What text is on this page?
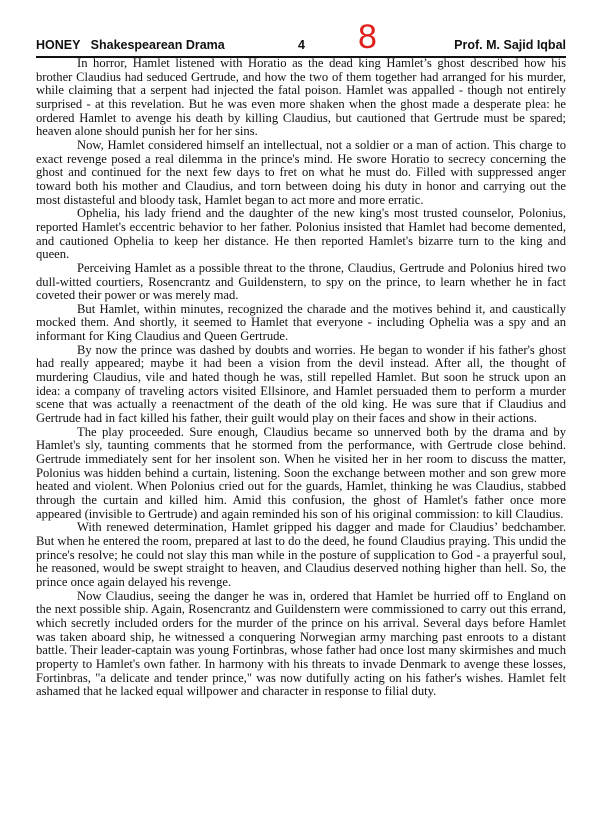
HONEY   Shakespearean Drama	4 8	Prof. M. Sajid Iqbal

In horror, Hamlet listened with Horatio as the dead king Hamlet’s ghost described how his brother Claudius had seduced Gertrude, and how the two of them together had arranged for his murder, while claiming that a serpent had injected the fatal poison. Hamlet was appalled - though not entirely surprised - at this revelation. But he was even more shaken when the ghost made a desperate plea: he ordered Hamlet to avenge his death by killing Claudius, but cautioned that Gertrude must be spared; heaven alone should punish her for her sins.

Now, Hamlet considered himself an intellectual, not a soldier or a man of action. This charge to exact revenge posed a real dilemma in the prince's mind. He swore Horatio to secrecy concerning the ghost and continued for the next few days to fret on what he must do. Filled with suppressed anger toward both his mother and Claudius, and torn between doing his duty in honor and carrying out the most distasteful and bloody task, Hamlet began to act more and more erratic.

Ophelia, his lady friend and the daughter of the new king's most trusted counselor, Polonius, reported Hamlet's eccentric behavior to her father. Polonius insisted that Hamlet had become demented, and cautioned Ophelia to keep her distance. He then reported Hamlet's bizarre turn to the king and queen.

Perceiving Hamlet as a possible threat to the throne, Claudius, Gertrude and Polonius hired two dull-witted courtiers, Rosencrantz and Guildenstern, to spy on the prince, to learn whether he in fact coveted their power or was merely mad.

But Hamlet, within minutes, recognized the charade and the motives behind it, and caustically mocked them. And shortly, it seemed to Hamlet that everyone - including Ophelia was a spy and an informant for King Claudius and Queen Gertrude.

By now the prince was dashed by doubts and worries. He began to wonder if his father's ghost had really appeared; maybe it had been a vision from the devil instead. After all, the thought of murdering Claudius, vile and hated though he was, still repelled Hamlet. But soon he struck upon an idea: a company of traveling actors visited Ellsinore, and Hamlet persuaded them to perform a murder scene that was actually a reenactment of the death of the old king. He was sure that if Claudius and Gertrude had in fact killed his father, their guilt would play on their faces and show in their actions.

The play proceeded. Sure enough, Claudius became so unnerved both by the drama and by Hamlet's sly, taunting comments that he stormed from the performance, with Gertrude close behind. Gertrude immediately sent for her insolent son. When he visited her in her room to discuss the matter, Polonius was hidden behind a curtain, listening. Soon the exchange between mother and son grew more heated and violent. When Polonius cried out for the guards, Hamlet, thinking he was Claudius, stabbed through the curtain and killed him. Amid this confusion, the ghost of Hamlet's father once more appeared (invisible to Gertrude) and again reminded his son of his original commission: to kill Claudius.

With renewed determination, Hamlet gripped his dagger and made for Claudius’ bedchamber. But when he entered the room, prepared at last to do the deed, he found Claudius praying. This undid the prince's resolve; he could not slay this man while in the posture of supplication to God - a prayerful soul, he reasoned, would be swept straight to heaven, and Claudius deserved nothing higher than hell. So, the prince once again delayed his revenge.

Now Claudius, seeing the danger he was in, ordered that Hamlet be hurried off to England on the next possible ship. Again, Rosencrantz and Guildenstern were commissioned to carry out this errand, which secretly included orders for the murder of the prince on his arrival. Several days before Hamlet was taken aboard ship, he witnessed a conquering Norwegian army marching past enroots to a distant battle. Their leader-captain was young Fortinbras, whose father had once lost many skirmishes and much property to Hamlet's own father. In harmony with his threats to invade Denmark to avenge these losses, Fortinbras, "a delicate and tender prince," was now dutifully acting on his father's wishes. Hamlet felt ashamed that he lacked equal willpower and character in response to filial duty.
